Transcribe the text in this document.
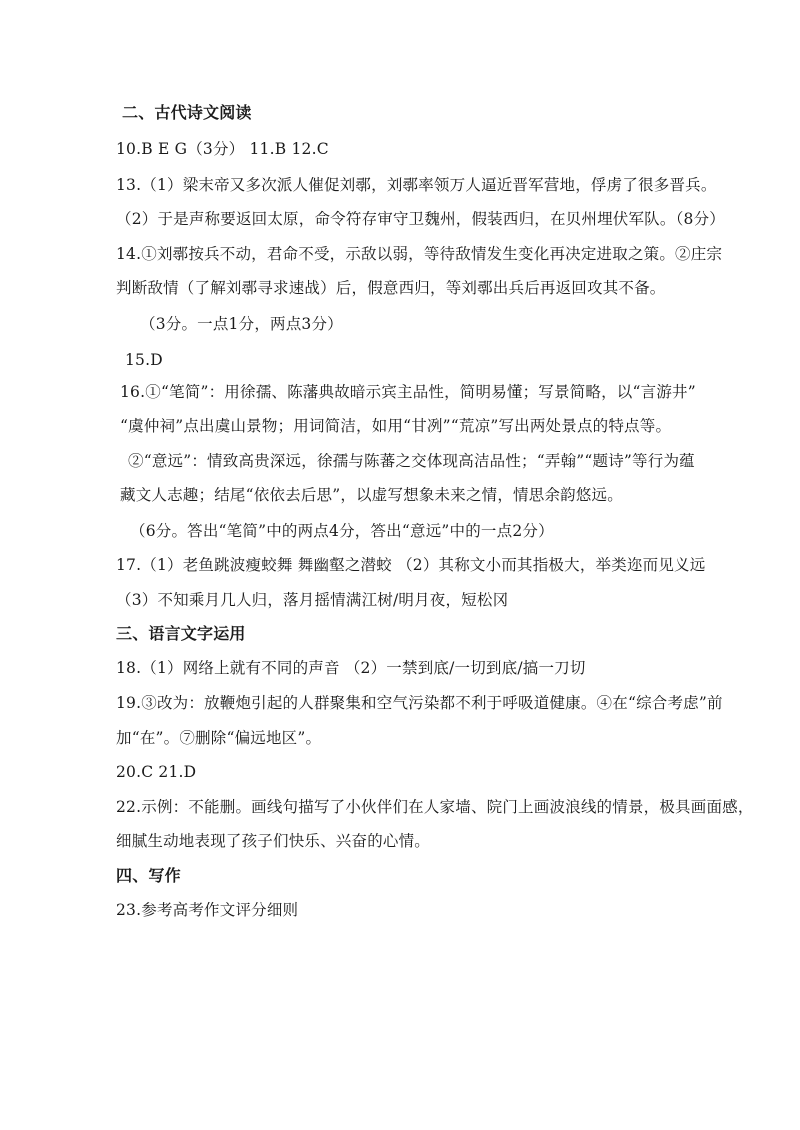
二、古代诗文阅读
10.B E G（3分） 11.B 12.C
13.（1）梁末帝又多次派人催促刘鄩，刘鄩率领万人逼近晋军营地，俘虏了很多晋兵。
（2）于是声称要返回太原，命令符存审守卫魏州，假装西归，在贝州埋伏军队。（8分）
14.①刘鄩按兵不动，君命不受，示敌以弱，等待敌情发生变化再决定进取之策。②庄宗
判断敌情（了解刘鄩寻求速战）后，假意西归，等刘鄩出兵后再返回攻其不备。
（3分。一点1分，两点3分）
15.D
16.①“笔简”：用徐孺、陈藩典故暗示宾主品性，简明易懂；写景简略，以“言游井”
“虞仲祠”点出虞山景物；用词简洁，如用“甘冽”“荒凉”写出两处景点的特点等。
②“意远”：情致高贵深远，徐孺与陈蕃之交体现高洁品性；“弄翰”“题诗”等行为蕴
藏文人志趣；结尾“依依去后思”，以虚写想象未来之情，情思余韵悠远。
（6分。答出“笔简”中的两点4分，答出“意远”中的一点2分）
17.（1）老鱼跳波瘦蛟舞 舞幽壑之潜蛟 （2）其称文小而其指极大，举类迩而见义远
（3）不知乘月几人归，落月摇情满江树/明月夜，短松冈
三、语言文字运用
18.（1）网络上就有不同的声音 （2）一禁到底/一切到底/搞一刀切
19.③改为：放鞭炮引起的人群聚集和空气污染都不利于呼吸道健康。④在“综合考虑”前
加“在”。⑦删除“偏远地区”。
20.C 21.D
22.示例：不能删。画线句描写了小伙伴们在人家墙、院门上画波浪线的情景，极具画面感，
细腻生动地表现了孩子们快乐、兴奋的心情。
四、写作
23.参考高考作文评分细则
